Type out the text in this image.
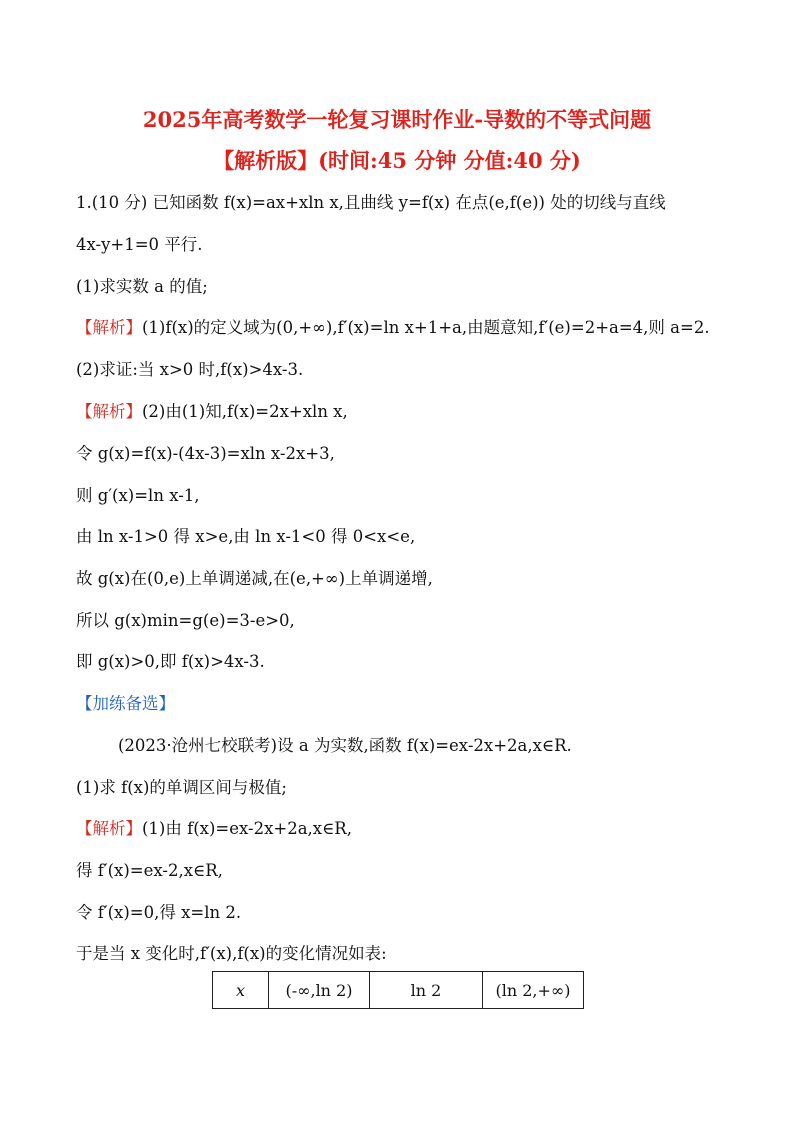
2025年高考数学一轮复习课时作业-导数的不等式问题
【解析版】(时间:45 分钟 分值:40 分)
1.(10 分) 已知函数 f(x)=ax+xln x,且曲线 y=f(x) 在点(e,f(e)) 处的切线与直线
4x-y+1=0 平行.
(1)求实数 a 的值;
【解析】(1)f(x)的定义域为(0,+∞),f′(x)=ln x+1+a,由题意知,f′(e)=2+a=4,则 a=2.
(2)求证:当 x>0 时,f(x)>4x-3.
【解析】(2)由(1)知,f(x)=2x+xln x,
令 g(x)=f(x)-(4x-3)=xln x-2x+3,
则 g′(x)=ln x-1,
由 ln x-1>0 得 x>e,由 ln x-1<0 得 0<x<e,
故 g(x)在(0,e)上单调递减,在(e,+∞)上单调递增,
所以 g(x)min=g(e)=3-e>0,
即 g(x)>0,即 f(x)>4x-3.
【加练备选】
(2023·沧州七校联考)设 a 为实数,函数 f(x)=ex-2x+2a,x∈R.
(1)求 f(x)的单调区间与极值;
【解析】(1)由 f(x)=ex-2x+2a,x∈R,
得 f′(x)=ex-2,x∈R,
令 f′(x)=0,得 x=ln 2.
于是当 x 变化时,f′(x),f(x)的变化情况如表:
x	(-∞,ln 2)	ln 2	(ln 2,+∞)
